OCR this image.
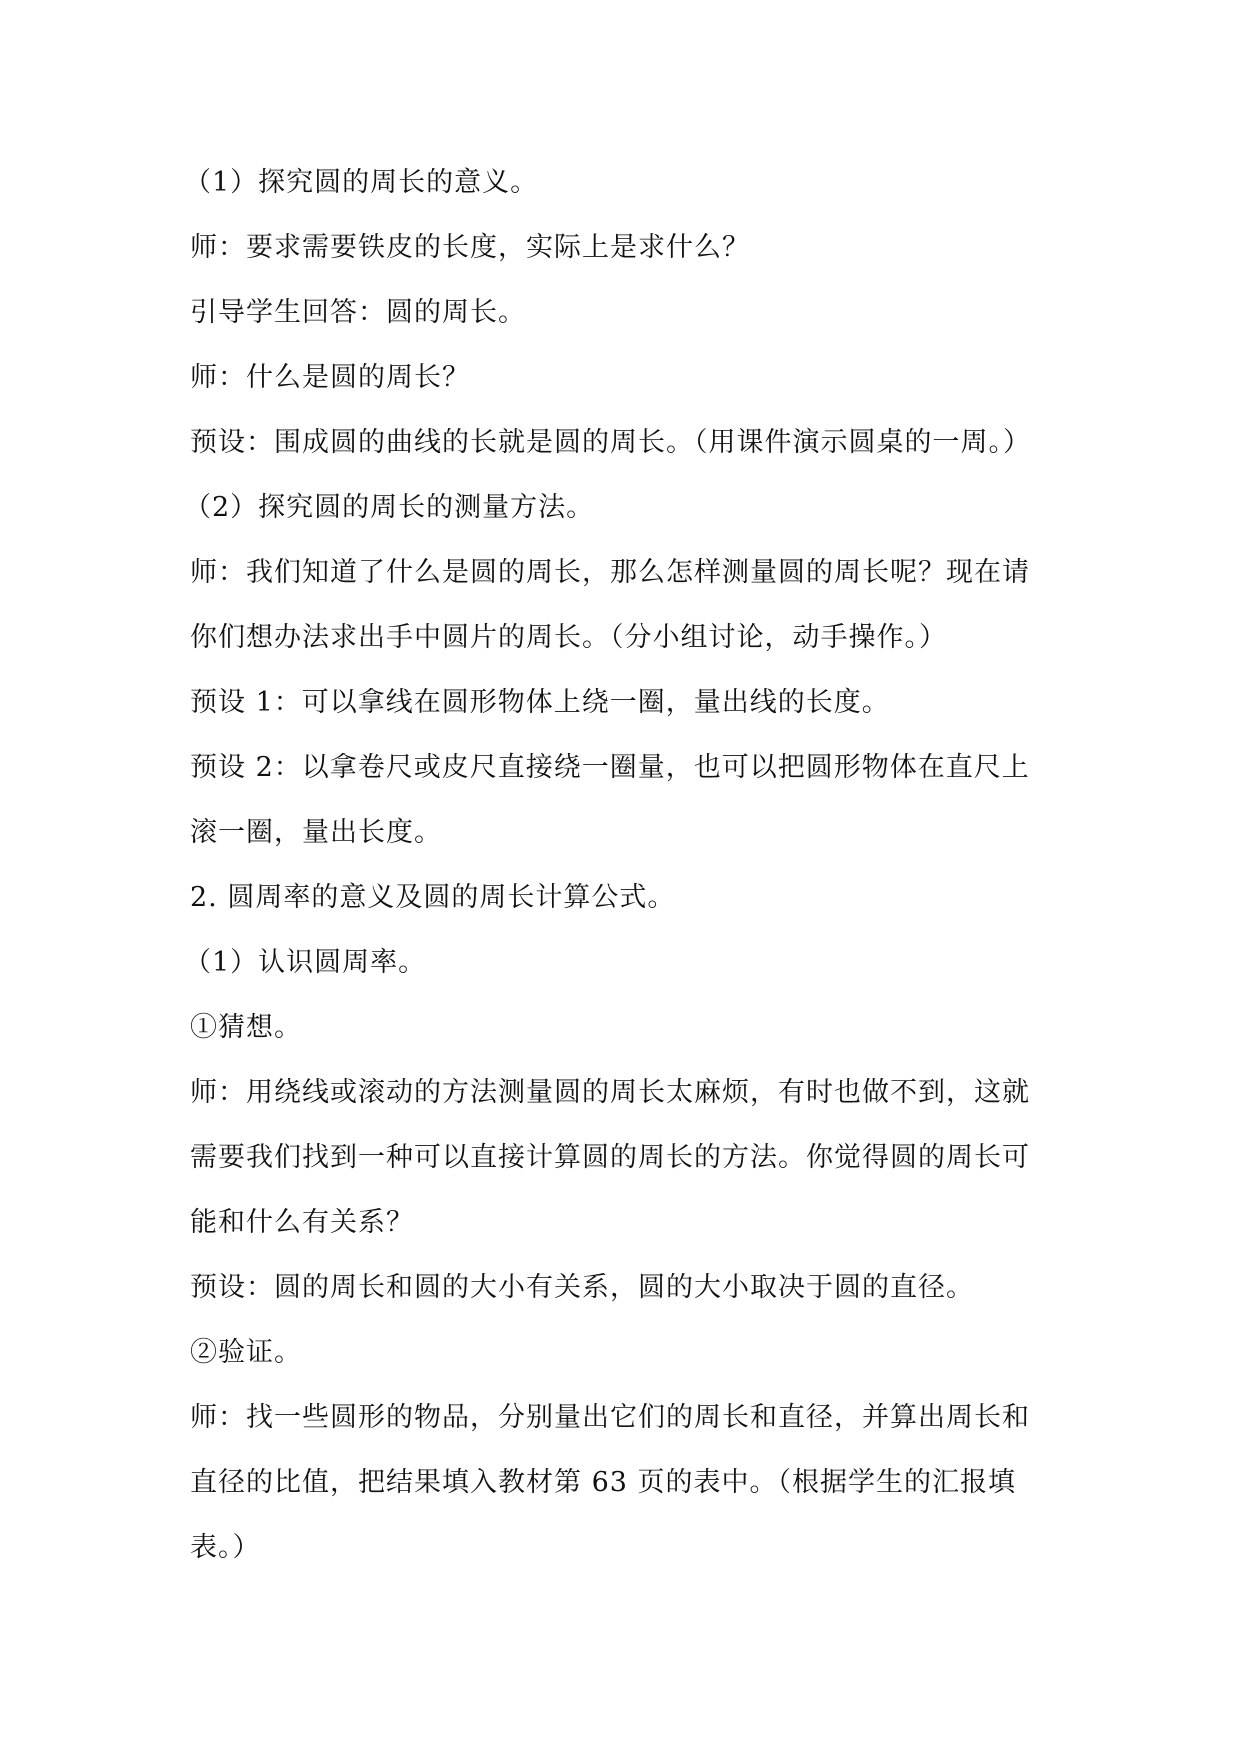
（1）探究圆的周长的意义。
师：要求需要铁皮的长度，实际上是求什么？
引导学生回答：圆的周长。
师：什么是圆的周长？
预设：围成圆的曲线的长就是圆的周长。（用课件演示圆桌的一周。）
（2）探究圆的周长的测量方法。
师：我们知道了什么是圆的周长，那么怎样测量圆的周长呢？现在请
你们想办法求出手中圆片的周长。（分小组讨论，动手操作。）
预设 1：可以拿线在圆形物体上绕一圈，量出线的长度。
预设 2：以拿卷尺或皮尺直接绕一圈量，也可以把圆形物体在直尺上
滚一圈，量出长度。
2. 圆周率的意义及圆的周长计算公式。
（1）认识圆周率。
①猜想。
师：用绕线或滚动的方法测量圆的周长太麻烦，有时也做不到，这就
需要我们找到一种可以直接计算圆的周长的方法。你觉得圆的周长可
能和什么有关系？
预设：圆的周长和圆的大小有关系，圆的大小取决于圆的直径。
②验证。
师：找一些圆形的物品，分别量出它们的周长和直径，并算出周长和
直径的比值，把结果填入教材第 63 页的表中。（根据学生的汇报填
表。）
